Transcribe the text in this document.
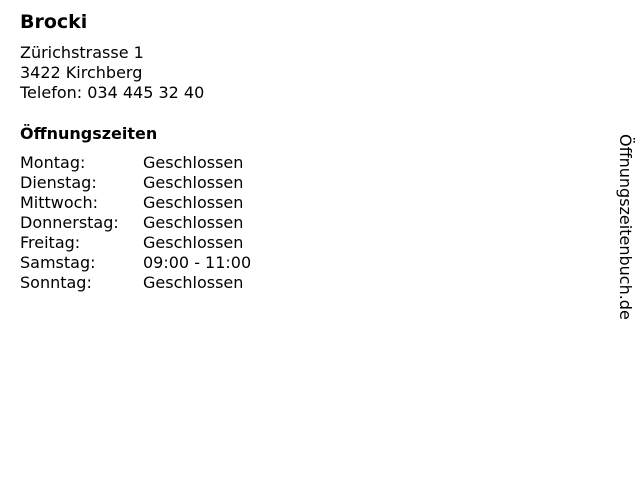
Brocki
Zürichstrasse 1
3422 Kirchberg
Telefon: 034 445 32 40
Öffnungszeiten
Montag:	Geschlossen
Dienstag:	Geschlossen
Mittwoch:	Geschlossen
Donnerstag:	Geschlossen
Freitag:	Geschlossen
Samstag:	09:00 - 11:00
Sonntag:	Geschlossen	Öffnungszeitenbuch.de
